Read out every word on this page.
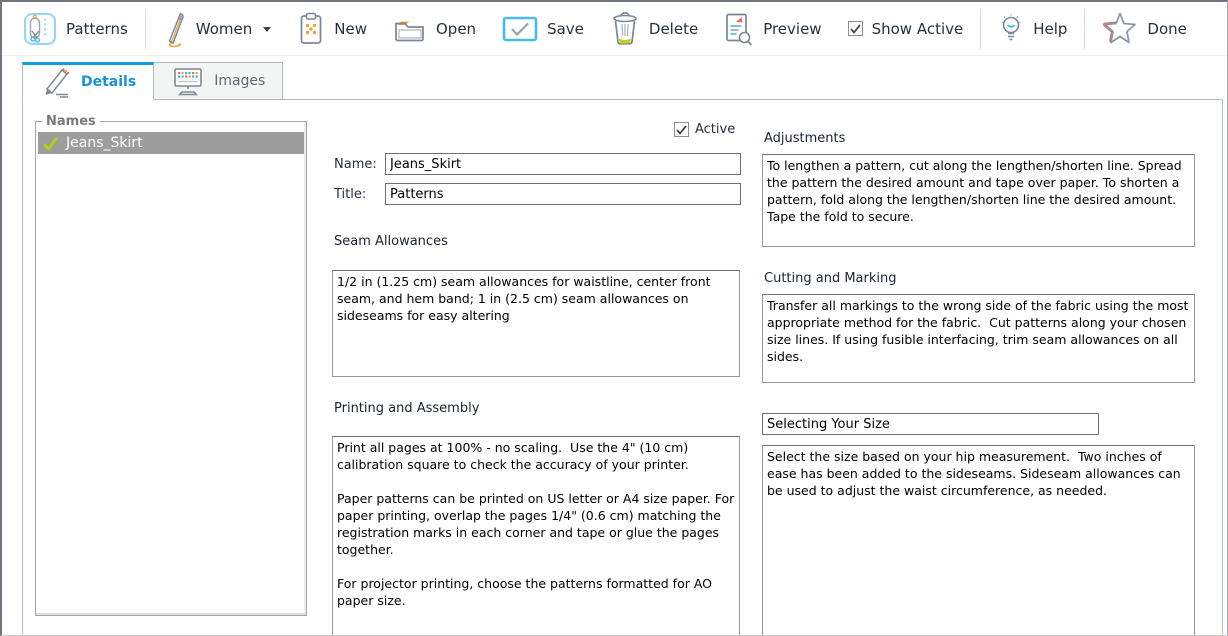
Patterns	Women	New	Open	Save	Delete	Preview	Show Active	Help	Done
Details	Images
Names
Jeans_Skirt
Active
Name:
Jeans_Skirt
Title:
Patterns
Seam Allowances
1/2 in (1.25 cm) seam allowances for waistline, center front seam, and hem band; 1 in (2.5 cm) seam allowances on sideseams for easy altering
Printing and Assembly
Print all pages at 100% - no scaling. Use the 4" (10 cm) calibration square to check the accuracy of your printer. Paper patterns can be printed on US letter or A4 size paper. For paper printing, overlap the pages 1/4" (0.6 cm) matching the registration marks in each corner and tape or glue the pages together. For projector printing, choose the patterns formatted for AO paper size.
Adjustments
To lengthen a pattern, cut along the lengthen/shorten line. Spread the pattern the desired amount and tape over paper. To shorten a pattern, fold along the lengthen/shorten line the desired amount. Tape the fold to secure.
Cutting and Marking
Transfer all markings to the wrong side of the fabric using the most appropriate method for the fabric. Cut patterns along your chosen size lines. If using fusible interfacing, trim seam allowances on all sides.
Selecting Your Size
Select the size based on your hip measurement. Two inches of ease has been added to the sideseams. Sideseam allowances can be used to adjust the waist circumference, as needed.
